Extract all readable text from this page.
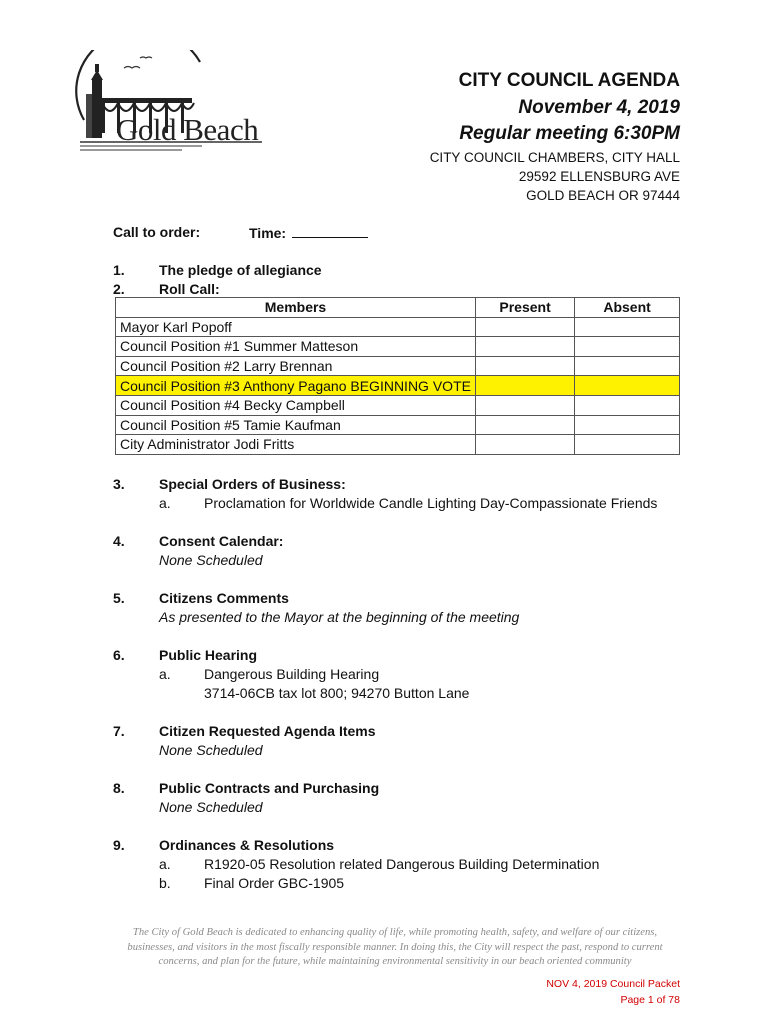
Gold Beach
CITY COUNCIL AGENDA
November 4, 2019
Regular meeting 6:30PM
CITY COUNCIL CHAMBERS, CITY HALL
29592 ELLENSBURG AVE
GOLD BEACH OR 97444
Call to order:	Time:
1. The pledge of allegiance
2. Roll Call:
Members	Present	Absent
Mayor Karl Popoff		
Council Position #1 Summer Matteson		
Council Position #2 Larry Brennan		
Council Position #3 Anthony Pagano BEGINNING VOTE		
Council Position #4 Becky Campbell		
Council Position #5 Tamie Kaufman		
City Administrator Jodi Fritts		
3. Special Orders of Business:
a. Proclamation for Worldwide Candle Lighting Day-Compassionate Friends
4. Consent Calendar:
None Scheduled
5. Citizens Comments
As presented to the Mayor at the beginning of the meeting
6. Public Hearing
a. Dangerous Building Hearing
3714-06CB tax lot 800; 94270 Button Lane
7. Citizen Requested Agenda Items
None Scheduled
8. Public Contracts and Purchasing
None Scheduled
9. Ordinances & Resolutions
a. R1920-05 Resolution related Dangerous Building Determination
b. Final Order GBC-1905
The City of Gold Beach is dedicated to enhancing quality of life, while promoting health, safety, and welfare of our citizens, businesses, and visitors in the most fiscally responsible manner. In doing this, the City will respect the past, respond to current concerns, and plan for the future, while maintaining environmental sensitivity in our beach oriented community
NOV 4, 2019 Council Packet
Page 1 of 78
